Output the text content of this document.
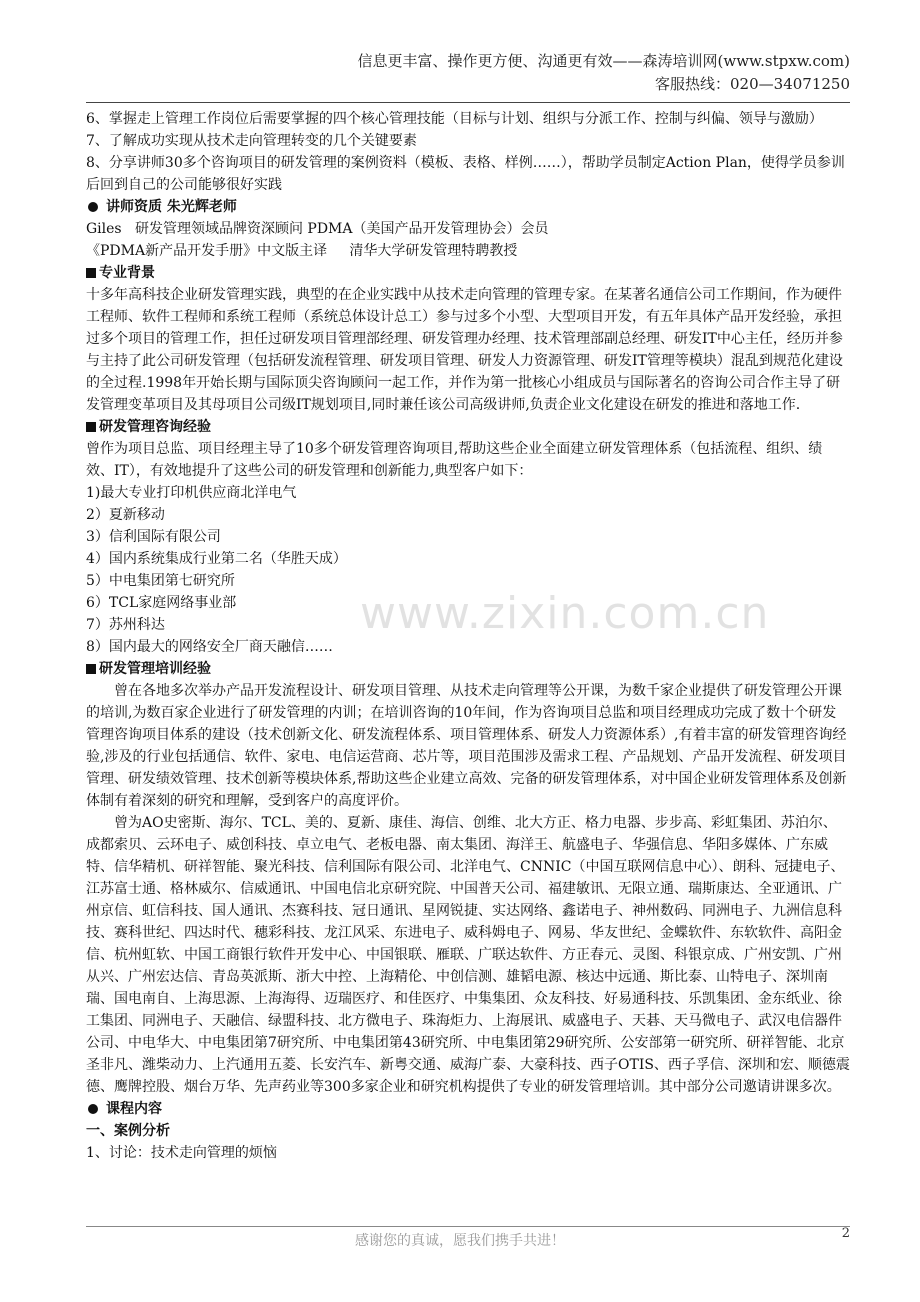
信息更丰富、操作更方便、沟通更有效——森涛培训网(www.stpxw.com)
客服热线：020—34071250

6、掌握走上管理工作岗位后需要掌握的四个核心管理技能（目标与计划、组织与分派工作、控制与纠偏、领导与激励）

7、了解成功实现从技术走向管理转变的几个关键要素

8、分享讲师30多个咨询项目的研发管理的案例资料（模板、表格、样例……），帮助学员制定Action Plan，使得学员参训后回到自己的公司能够很好实践

讲师资质 朱光辉老师

Giles   研发管理领域品牌资深顾问 PDMA（美国产品开发管理协会）会员

《PDMA新产品开发手册》中文版主译     清华大学研发管理特聘教授

专业背景

十多年高科技企业研发管理实践，典型的在企业实践中从技术走向管理的管理专家。在某著名通信公司工作期间，作为硬件工程师、软件工程师和系统工程师（系统总体设计总工）参与过多个小型、大型项目开发，有五年具体产品开发经验，承担过多个项目的管理工作，担任过研发项目管理部经理、研发管理办经理、技术管理部副总经理、研发IT中心主任，经历并参与主持了此公司研发管理（包括研发流程管理、研发项目管理、研发人力资源管理、研发IT管理等模块）混乱到规范化建设的全过程.1998年开始长期与国际顶尖咨询顾问一起工作，并作为第一批核心小组成员与国际著名的咨询公司合作主导了研发管理变革项目及其母项目公司级IT规划项目,同时兼任该公司高级讲师,负责企业文化建设在研发的推进和落地工作.

研发管理咨询经验

曾作为项目总监、项目经理主导了10多个研发管理咨询项目,帮助这些企业全面建立研发管理体系（包括流程、组织、绩效、IT），有效地提升了这些公司的研发管理和创新能力,典型客户如下：

1)最大专业打印机供应商北洋电气

2）夏新移动

3）信利国际有限公司

4）国内系统集成行业第二名（华胜天成）

5）中电集团第七研究所

6）TCL家庭网络事业部

7）苏州科达

8）国内最大的网络安全厂商天融信……

研发管理培训经验

曾在各地多次举办产品开发流程设计、研发项目管理、从技术走向管理等公开课，为数千家企业提供了研发管理公开课的培训,为数百家企业进行了研发管理的内训；在培训咨询的10年间，作为咨询项目总监和项目经理成功完成了数十个研发管理咨询项目体系的建设（技术创新文化、研发流程体系、项目管理体系、研发人力资源体系）,有着丰富的研发管理咨询经验,涉及的行业包括通信、软件、家电、电信运营商、芯片等，项目范围涉及需求工程、产品规划、产品开发流程、研发项目管理、研发绩效管理、技术创新等模块体系,帮助这些企业建立高效、完备的研发管理体系，对中国企业研发管理体系及创新体制有着深刻的研究和理解，受到客户的高度评价。

曾为AO史密斯、海尔、TCL、美的、夏新、康佳、海信、创维、北大方正、格力电器、步步高、彩虹集团、苏泊尔、成都索贝、云环电子、威创科技、卓立电气、老板电器、南太集团、海洋王、航盛电子、华强信息、华阳多媒体、广东威特、信华精机、研祥智能、聚光科技、信利国际有限公司、北洋电气、CNNIC（中国互联网信息中心）、朗科、冠捷电子、江苏富士通、格林威尔、信威通讯、中国电信北京研究院、中国普天公司、福建敏讯、无限立通、瑞斯康达、全亚通讯、广州京信、虹信科技、国人通讯、杰赛科技、冠日通讯、星网锐捷、实达网络、鑫诺电子、神州数码、同洲电子、九洲信息科技、赛科世纪、四达时代、穗彩科技、龙江风采、东进电子、威科姆电子、网易、华友世纪、金蝶软件、东软软件、高阳金信、杭州虹软、中国工商银行软件开发中心、中国银联、雁联、广联达软件、方正春元、灵图、科银京成、广州安凯、广州从兴、广州宏达信、青岛英派斯、浙大中控、上海精伦、中创信测、雄韬电源、核达中远通、斯比泰、山特电子、深圳南瑞、国电南自、上海思源、上海海得、迈瑞医疗、和佳医疗、中集集团、众友科技、好易通科技、乐凯集团、金东纸业、徐工集团、同洲电子、天融信、绿盟科技、北方微电子、珠海炬力、上海展讯、威盛电子、天碁、天马微电子、武汉电信器件公司、中电华大、中电集团第7研究所、中电集团第43研究所、中电集团第29研究所、公安部第一研究所、研祥智能、北京圣非凡、潍柴动力、上汽通用五菱、长安汽车、新粤交通、威海广泰、大豪科技、西子OTIS、西子孚信、深圳和宏、顺德震德、鹰牌控股、烟台万华、先声药业等300多家企业和研究机构提供了专业的研发管理培训。其中部分公司邀请讲课多次。

课程内容

一、案例分析

1、讨论：技术走向管理的烦恼

www.zixin.com.cn
感谢您的真诚，愿我们携手共进！	2
